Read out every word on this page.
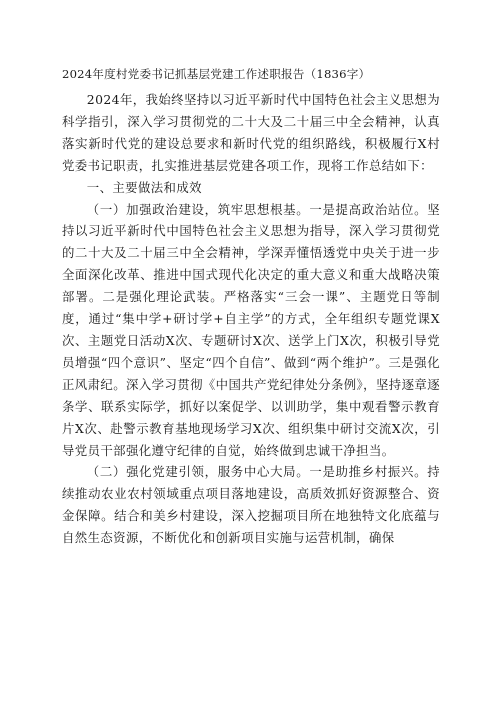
2024年度村党委书记抓基层党建工作述职报告（1836字）

2024年，我始终坚持以习近平新时代中国特色社会主义思想为科学指引，深入学习贯彻党的二十大及二十届三中全会精神，认真落实新时代党的建设总要求和新时代党的组织路线，积极履行X村党委书记职责，扎实推进基层党建各项工作，现将工作总结如下：

一、主要做法和成效

（一）加强政治建设，筑牢思想根基。一是提高政治站位。坚持以习近平新时代中国特色社会主义思想为指导，深入学习贯彻党的二十大及二十届三中全会精神，学深弄懂悟透党中央关于进一步全面深化改革、推进中国式现代化决定的重大意义和重大战略决策部署。二是强化理论武装。严格落实“三会一课”、主题党日等制度，通过“集中学+研讨学+自主学”的方式，全年组织专题党课X次、主题党日活动X次、专题研讨X次、送学上门X次，积极引导党员增强“四个意识”、坚定“四个自信”、做到“两个维护”。三是强化正风肃纪。深入学习贯彻《中国共产党纪律处分条例》，坚持逐章逐条学、联系实际学，抓好以案促学、以训助学，集中观看警示教育片X次、赴警示教育基地现场学习X次、组织集中研讨交流X次，引导党员干部强化遵守纪律的自觉，始终做到忠诚干净担当。

（二）强化党建引领，服务中心大局。一是助推乡村振兴。持续推动农业农村领域重点项目落地建设，高质效抓好资源整合、资金保障。结合和美乡村建设，深入挖掘项目所在地独特文化底蕴与自然生态资源，不断优化和创新项目实施与运营机制，确保
